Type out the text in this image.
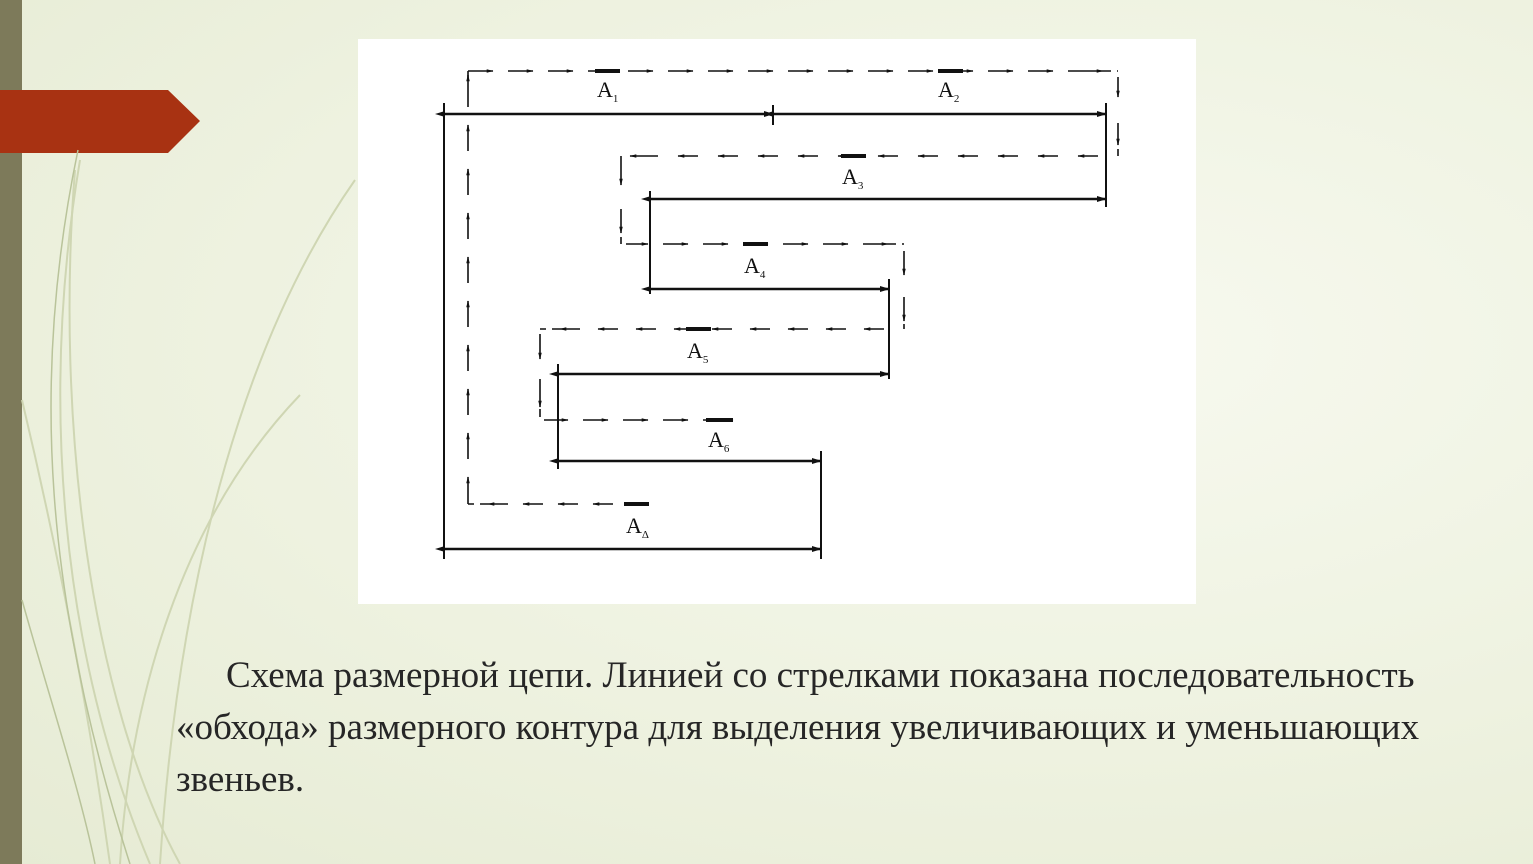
$A_1$	$A_2$
$A_3$
$A_4$
$A_5$
$A_6$
$A_\Delta$
Схема размерной цепи. Линией со стрелками показана последовательность «обхода» размерного контура для выделения увеличивающих и уменьшающих звеньев.
